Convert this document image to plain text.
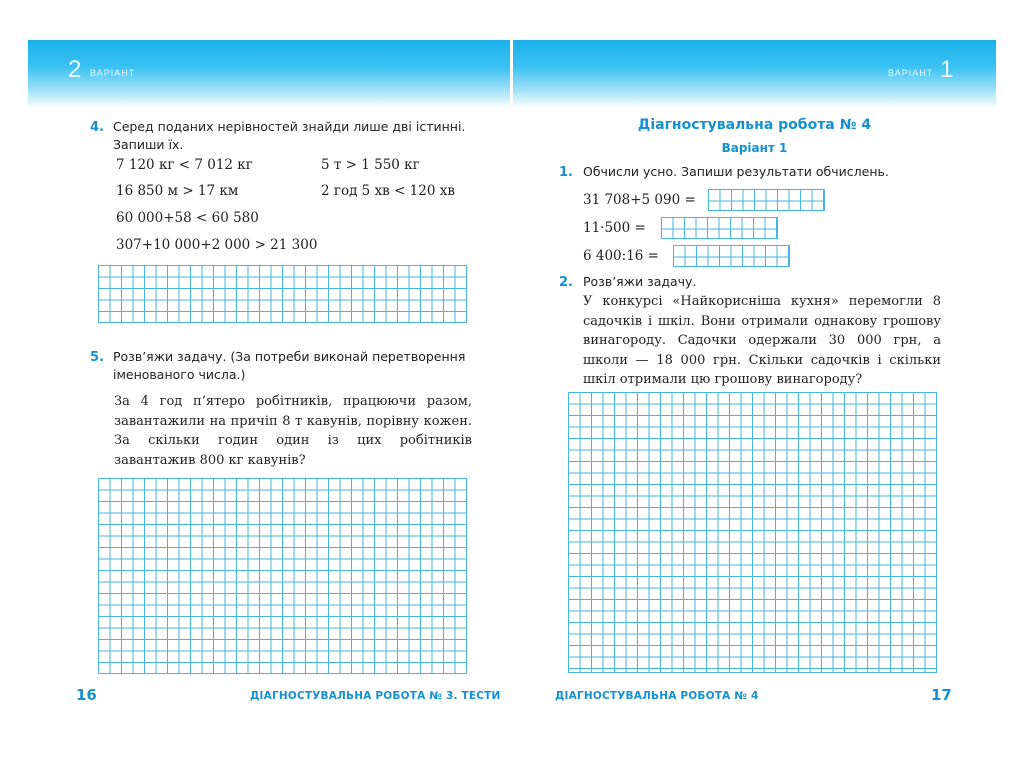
2 ВАРІАНТ
4. Серед поданих нерівностей знайди лише дві істинні. Запиши їх.
7 120 кг < 7 012 кг	5 т > 1 550 кг
16 850 м > 17 км	2 год 5 хв < 120 хв
60 000+58 < 60 580
307+10 000+2 000 > 21 300
5. Розв’яжи задачу. (За потреби виконай перетворення іменованого числа.)
За 4 год п’ятеро робітників, працюючи разом, завантажили на причіп 8 т кавунів, порівну кожен. За скільки годин один із цих робітників завантажив 800 кг кавунів?
16	ДІАГНОСТУВАЛЬНА РОБОТА № 3. ТЕСТИ
ВАРІАНТ 1
Діагностувальна робота № 4
Варіант 1
1. Обчисли усно. Запиши результати обчислень.
31 708+5 090 =
11·500 =
6 400:16 =
2. Розв’яжи задачу.
У конкурсі «Найкорисніша кухня» перемогли 8 садочків і шкіл. Вони отримали однакову грошову винагороду. Садочки одержали 30 000 грн, а школи — 18 000 грн. Скільки садочків і скільки шкіл отримали цю грошову винагороду?
ДІАГНОСТУВАЛЬНА РОБОТА № 4	17
